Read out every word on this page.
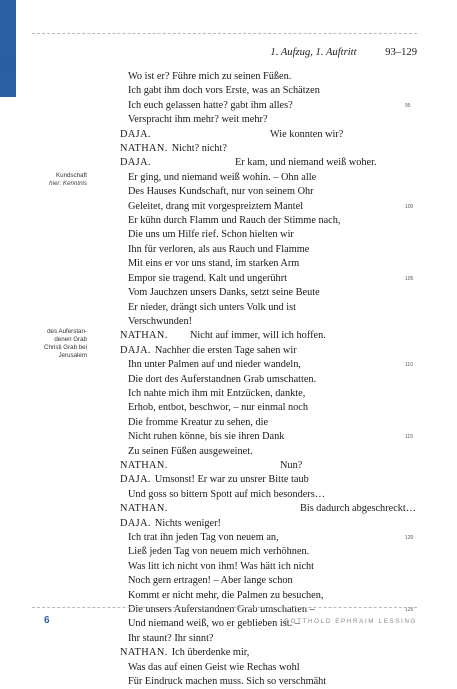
TEXT	1. Aufzug, 1. Auftritt	93–129
Kundschaft
hier: Kenntnis
des Auferstan-
denen Grab
Christi Grab bei
Jerusalem
Wo ist er? Führe mich zu seinen Füßen.
Ich gabt ihm doch vors Erste, was an Schätzen
Ich euch gelassen hatte? gabt ihm alles?	95
Verspracht ihm mehr? weit mehr?
DAJA.	Wie konnten wir?
NATHAN. Nicht? nicht?
DAJA.	Er kam, und niemand weiß woher.
Er ging, und niemand weiß wohin. – Ohn alle
Des Hauses Kundschaft, nur von seinem Ohr
Geleitet, drang mit vorgespreiztem Mantel	100
Er kühn durch Flamm und Rauch der Stimme nach,
Die uns um Hilfe rief. Schon hielten wir
Ihn für verloren, als aus Rauch und Flamme
Mit eins er vor uns stand, im starken Arm
Empor sie tragend. Kalt und ungerührt	105
Vom Jauchzen unsers Danks, setzt seine Beute
Er nieder, drängt sich unters Volk und ist
Verschwunden!
NATHAN. Nicht auf immer, will ich hoffen.
DAJA. Nachher die ersten Tage sahen wir
Ihn unter Palmen auf und nieder wandeln,	110
Die dort des Auferstandnen Grab umschatten.
Ich nahte mich ihm mit Entzücken, dankte,
Erhob, entbot, beschwor, – nur einmal noch
Die fromme Kreatur zu sehen, die
Nicht ruhen könne, bis sie ihren Dank	115
Zu seinen Füßen ausgeweinet.
NATHAN.	Nun?
DAJA. Umsonst! Er war zu unsrer Bitte taub
Und goss so bittern Spott auf mich besonders…
NATHAN.	Bis dadurch abgeschreckt…
DAJA. Nichts weniger!
Ich trat ihn jeden Tag von neuem an,	120
Ließ jeden Tag von neuem mich verhöhnen.
Was litt ich nicht von ihm! Was hätt ich nicht
Noch gern ertragen! – Aber lange schon
Kommt er nicht mehr, die Palmen zu besuchen,
Die unsers Auferstandnen Grab umschatten –	125
Und niemand weiß, wo er geblieben ist. –
Ihr staunt? Ihr sinnt?
NATHAN. Ich überdenke mir,
Was das auf einen Geist wie Rechas wohl
Für Eindruck machen muss. Sich so verschmäht
6	GOTTHOLD EPHRAIM LESSING
